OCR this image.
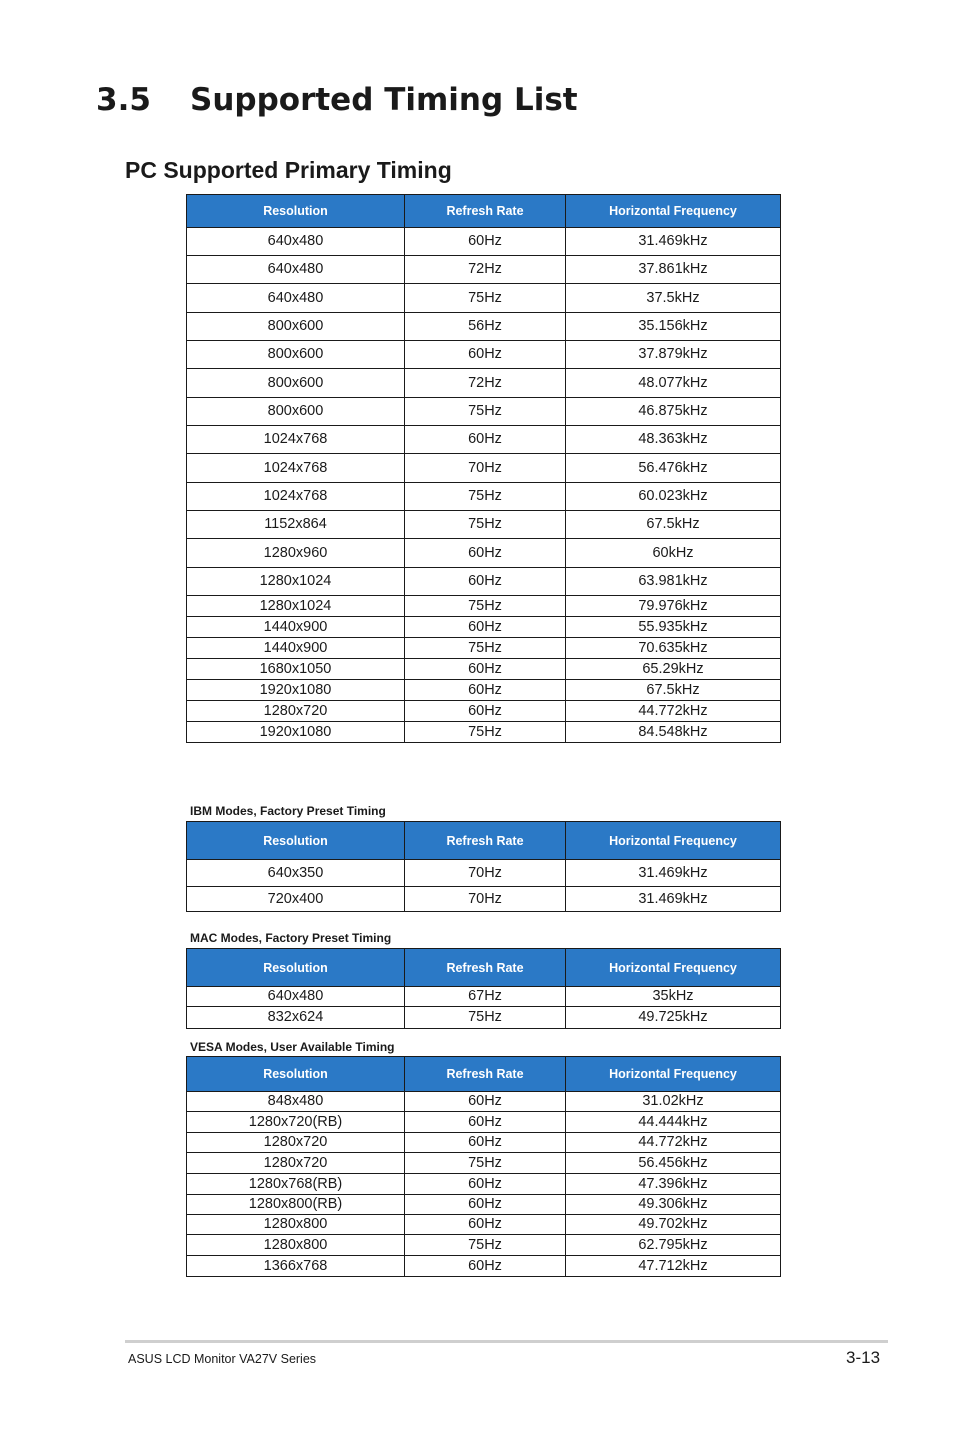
3.5 Supported Timing List
PC Supported Primary Timing
Resolution	Refresh Rate	Horizontal Frequency
640x480	60Hz	31.469kHz
640x480	72Hz	37.861kHz
640x480	75Hz	37.5kHz
800x600	56Hz	35.156kHz
800x600	60Hz	37.879kHz
800x600	72Hz	48.077kHz
800x600	75Hz	46.875kHz
1024x768	60Hz	48.363kHz
1024x768	70Hz	56.476kHz
1024x768	75Hz	60.023kHz
1152x864	75Hz	67.5kHz
1280x960	60Hz	60kHz
1280x1024	60Hz	63.981kHz
1280x1024	75Hz	79.976kHz
1440x900	60Hz	55.935kHz
1440x900	75Hz	70.635kHz
1680x1050	60Hz	65.29kHz
1920x1080	60Hz	67.5kHz
1280x720	60Hz	44.772kHz
1920x1080	75Hz	84.548kHz
IBM Modes, Factory Preset Timing
Resolution	Refresh Rate	Horizontal Frequency
640x350	70Hz	31.469kHz
720x400	70Hz	31.469kHz
MAC Modes, Factory Preset Timing
Resolution	Refresh Rate	Horizontal Frequency
640x480	67Hz	35kHz
832x624	75Hz	49.725kHz
VESA Modes, User Available Timing
Resolution	Refresh Rate	Horizontal Frequency
848x480	60Hz	31.02kHz
1280x720(RB)	60Hz	44.444kHz
1280x720	60Hz	44.772kHz
1280x720	75Hz	56.456kHz
1280x768(RB)	60Hz	47.396kHz
1280x800(RB)	60Hz	49.306kHz
1280x800	60Hz	49.702kHz
1280x800	75Hz	62.795kHz
1366x768	60Hz	47.712kHz
ASUS LCD Monitor VA27V Series	3-13
